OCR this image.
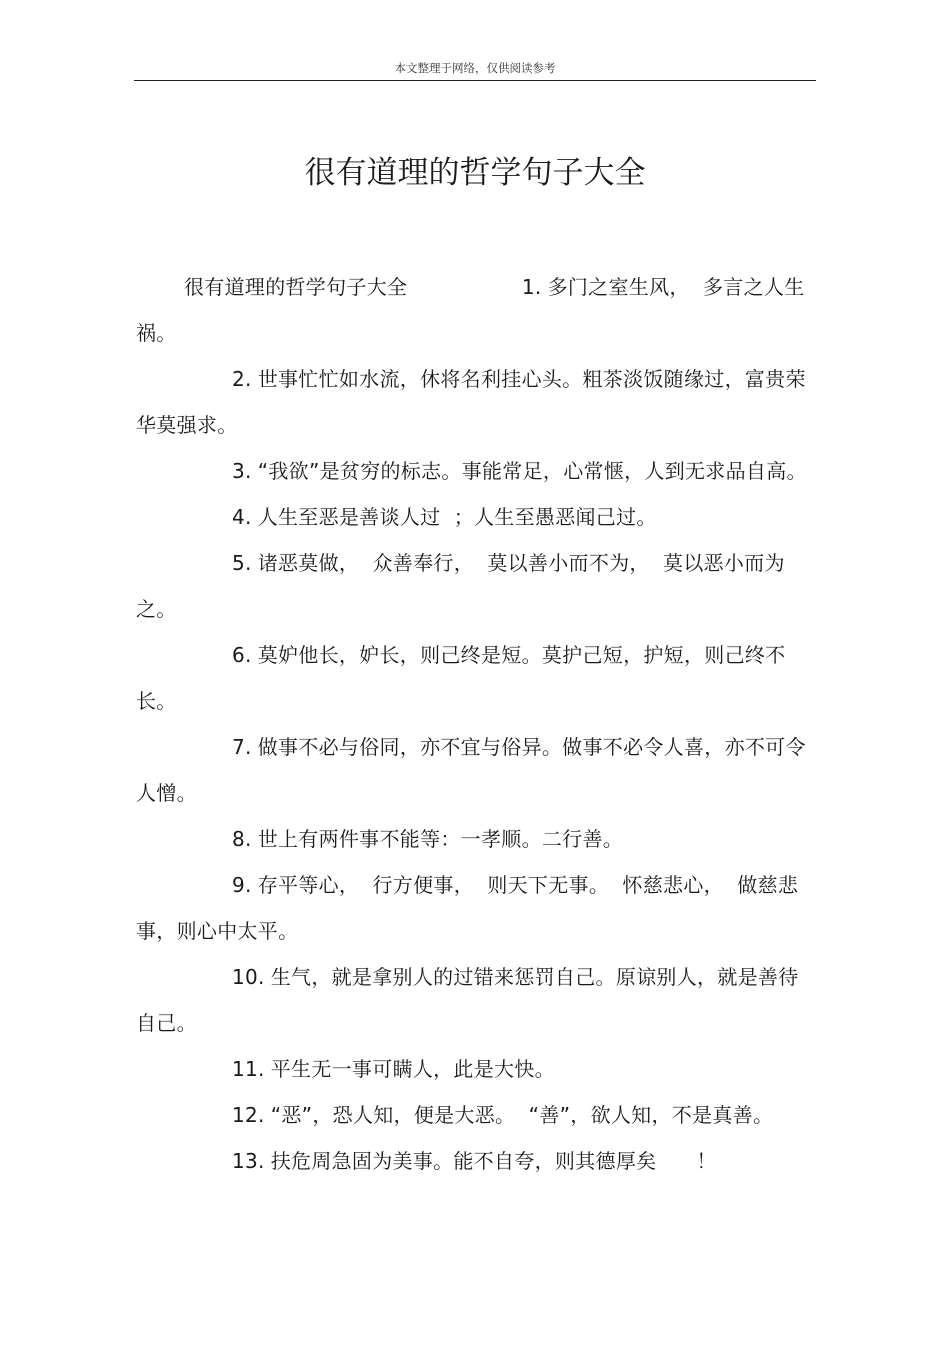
本文整理于网络，仅供阅读参考
很有道理的哲学句子大全

很有道理的哲学句子大全	1. 多门之室生风，  多言之人生祸。

2. 世事忙忙如水流，休将名利挂心头。粗茶淡饭随缘过，富贵荣华莫强求。

3. “我欲”是贫穷的标志。事能常足，心常惬，人到无求品自高。

4. 人生至恶是善谈人过  ；人生至愚恶闻己过。

5. 诸恶莫做，  众善奉行，  莫以善小而不为，  莫以恶小而为之。

6. 莫妒他长，妒长，则己终是短。莫护己短，护短，则己终不长。

7. 做事不必与俗同，亦不宜与俗异。做事不必令人喜，亦不可令人憎。

8. 世上有两件事不能等：一孝顺。二行善。

9. 存平等心，  行方便事，  则天下无事。  怀慈悲心，  做慈悲事，则心中太平。

10. 生气，就是拿别人的过错来惩罚自己。原谅别人，就是善待自己。

11. 平生无一事可瞒人，此是大快。

12. “恶”，恐人知，便是大恶。  “善”，欲人知，不是真善。

13. 扶危周急固为美事。能不自夸，则其德厚矣      ！
